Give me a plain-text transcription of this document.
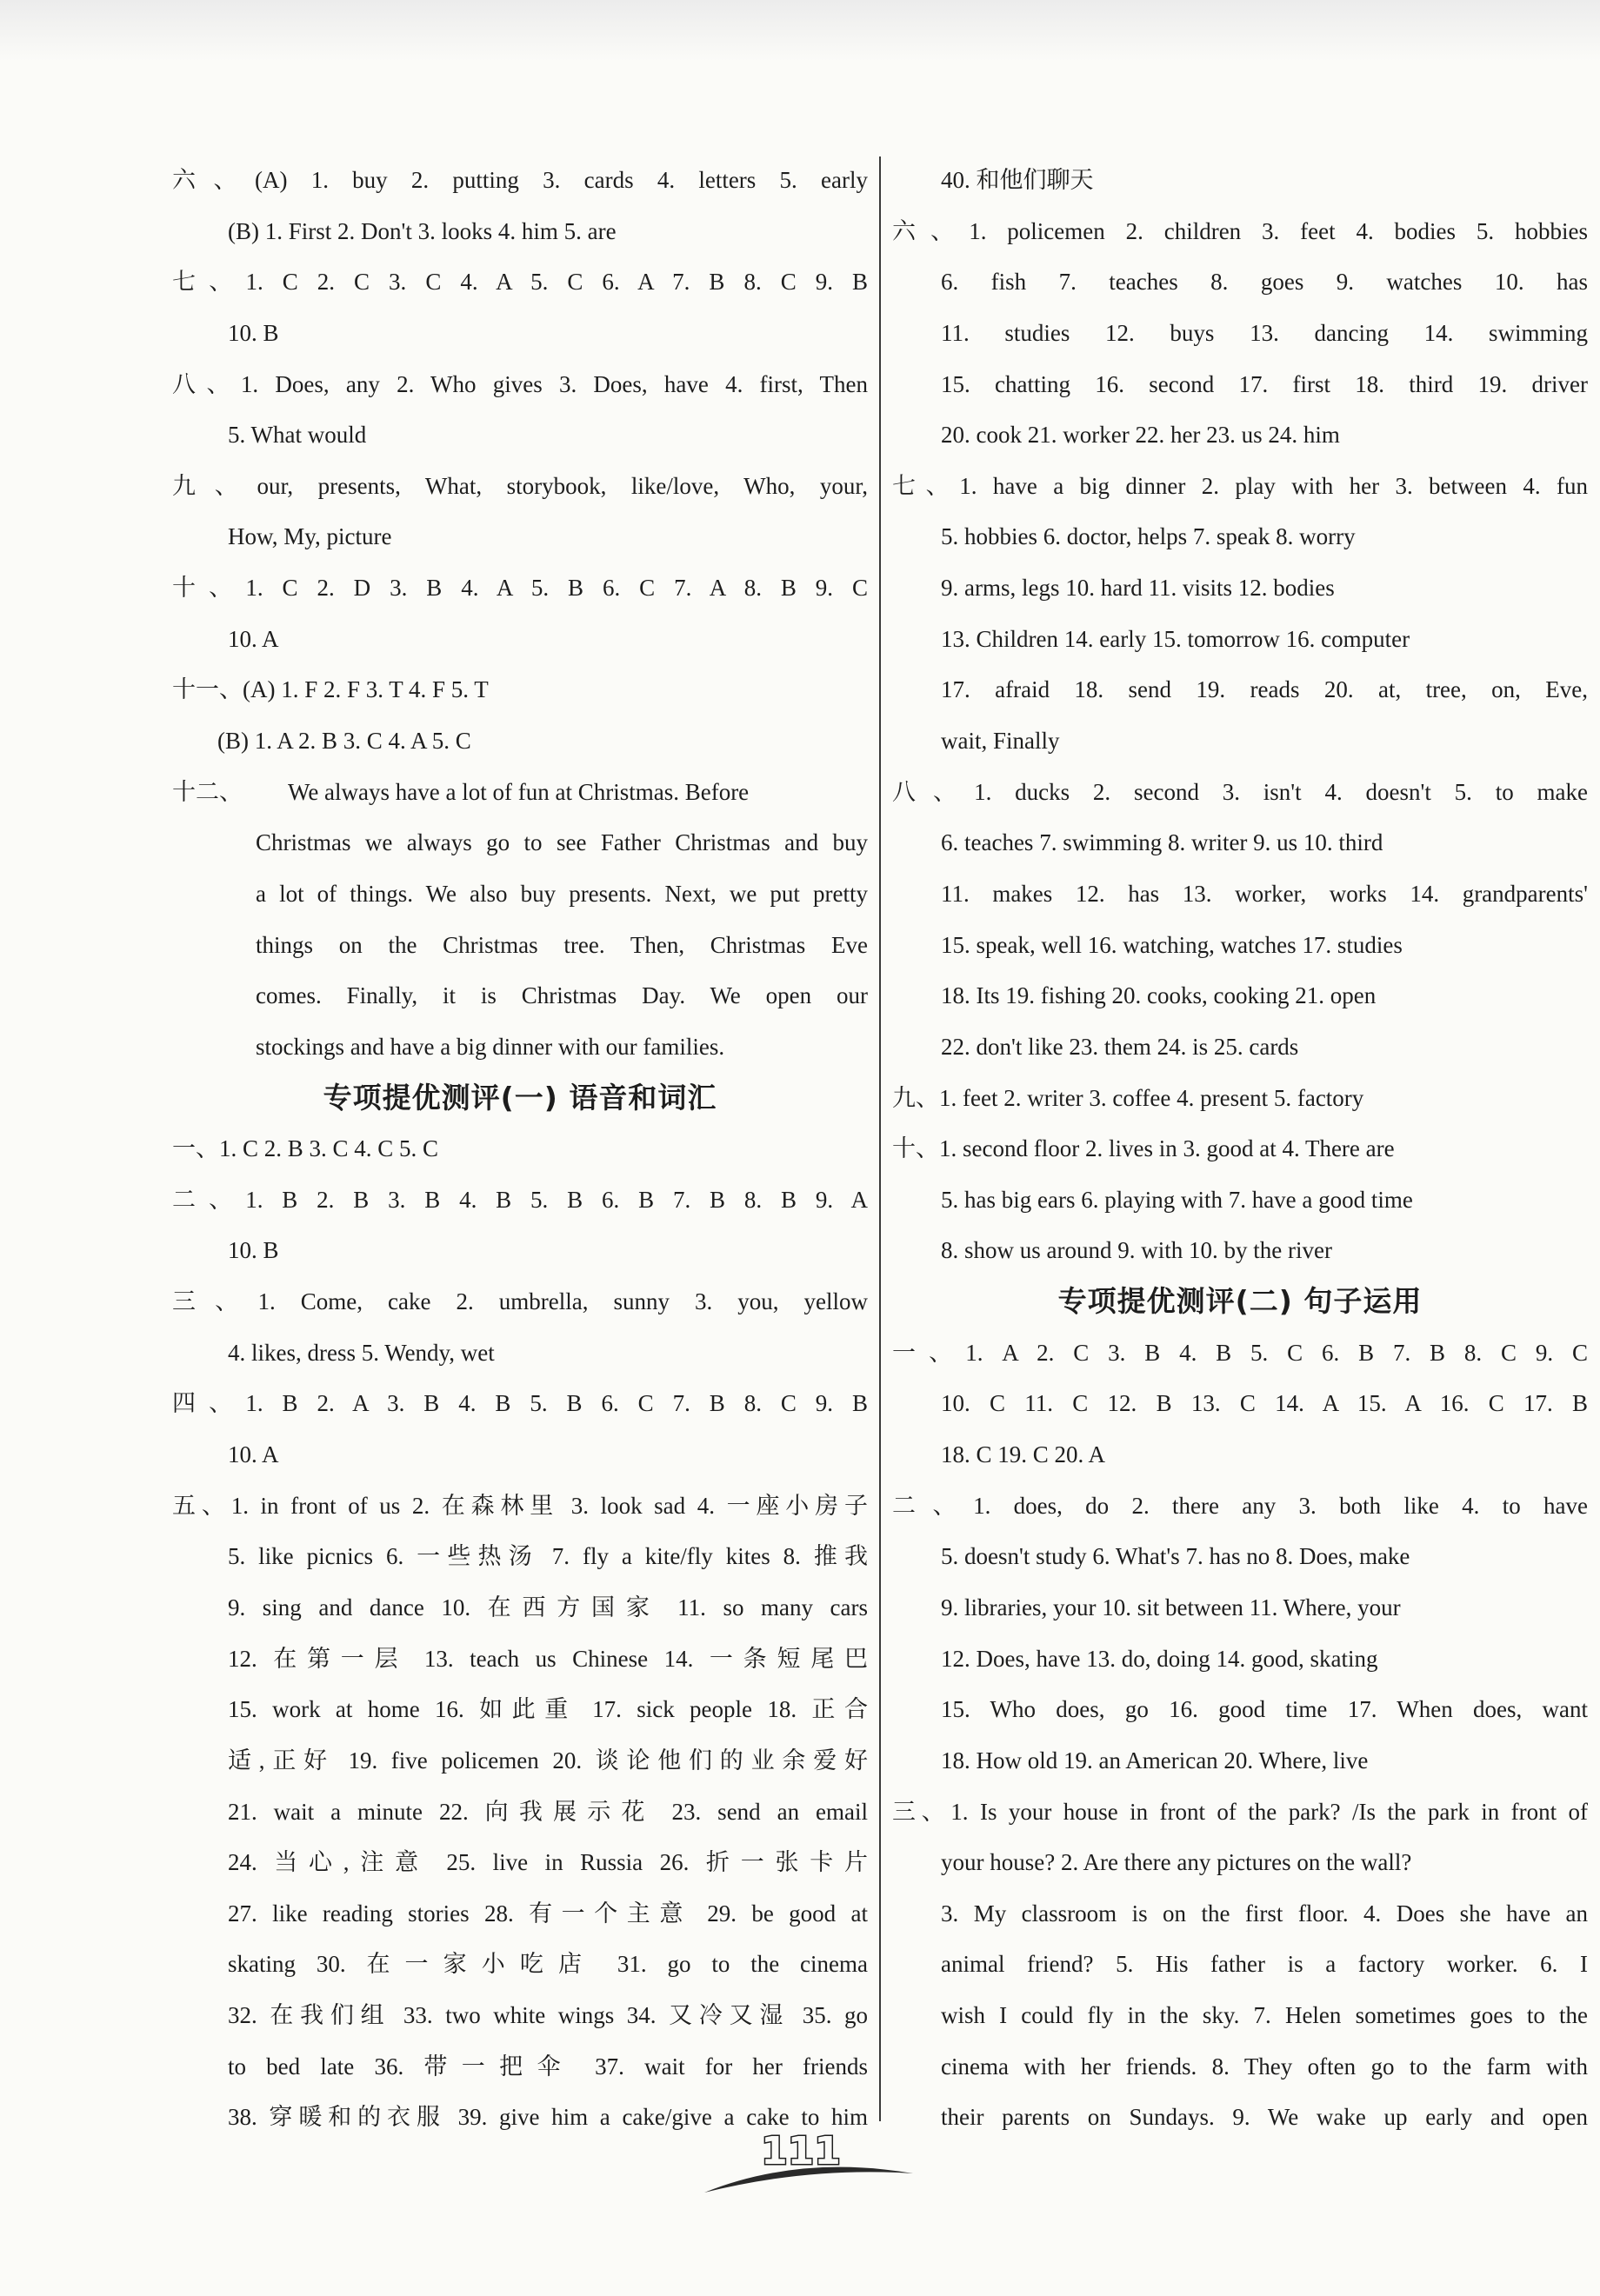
六、(A) 1. buy 2. putting 3. cards 4. letters 5. early
(B) 1. First 2. Don't 3. looks 4. him 5. are
七、1. C 2. C 3. C 4. A 5. C 6. A 7. B 8. C 9. B
10. B
八、1. Does, any 2. Who gives 3. Does, have 4. first, Then
5. What would
九、our, presents, What, storybook, like/love, Who, your,
How, My, picture
十、1. C 2. D 3. B 4. A 5. B 6. C 7. A 8. B 9. C
10. A
十一、(A) 1. F 2. F 3. T 4. F 5. T
(B) 1. A 2. B 3. C 4. A 5. C
十二、 We always have a lot of fun at Christmas. Before
Christmas we always go to see Father Christmas and buy
a lot of things. We also buy presents. Next, we put pretty
things on the Christmas tree. Then, Christmas Eve
comes. Finally, it is Christmas Day. We open our
stockings and have a big dinner with our families.
专项提优测评(一) 语音和词汇
一、1. C 2. B 3. C 4. C 5. C
二、1. B 2. B 3. B 4. B 5. B 6. B 7. B 8. B 9. A
10. B
三、1. Come, cake 2. umbrella, sunny 3. you, yellow
4. likes, dress 5. Wendy, wet
四、1. B 2. A 3. B 4. B 5. B 6. C 7. B 8. C 9. B
10. A
五、1. in front of us 2. 在森林里 3. look sad 4. 一座小房子
5. like picnics 6. 一些热汤 7. fly a kite/fly kites 8. 推我
9. sing and dance 10. 在西方国家 11. so many cars
12. 在第一层 13. teach us Chinese 14. 一条短尾巴
15. work at home 16. 如此重 17. sick people 18. 正合
适,正好 19. five policemen 20. 谈论他们的业余爱好
21. wait a minute 22. 向我展示花 23. send an email
24. 当心,注意 25. live in Russia 26. 折一张卡片
27. like reading stories 28. 有一个主意 29. be good at
skating 30. 在一家小吃店 31. go to the cinema
32. 在我们组 33. two white wings 34. 又冷又湿 35. go
to bed late 36. 带一把伞 37. wait for her friends
38. 穿暖和的衣服 39. give him a cake/give a cake to him
40. 和他们聊天
六、1. policemen 2. children 3. feet 4. bodies 5. hobbies
6. fish 7. teaches 8. goes 9. watches 10. has
11. studies 12. buys 13. dancing 14. swimming
15. chatting 16. second 17. first 18. third 19. driver
20. cook 21. worker 22. her 23. us 24. him
七、1. have a big dinner 2. play with her 3. between 4. fun
5. hobbies 6. doctor, helps 7. speak 8. worry
9. arms, legs 10. hard 11. visits 12. bodies
13. Children 14. early 15. tomorrow 16. computer
17. afraid 18. send 19. reads 20. at, tree, on, Eve,
wait, Finally
八、1. ducks 2. second 3. isn't 4. doesn't 5. to make
6. teaches 7. swimming 8. writer 9. us 10. third
11. makes 12. has 13. worker, works 14. grandparents'
15. speak, well 16. watching, watches 17. studies
18. Its 19. fishing 20. cooks, cooking 21. open
22. don't like 23. them 24. is 25. cards
九、1. feet 2. writer 3. coffee 4. present 5. factory
十、1. second floor 2. lives in 3. good at 4. There are
5. has big ears 6. playing with 7. have a good time
8. show us around 9. with 10. by the river
专项提优测评(二) 句子运用
一、1. A 2. C 3. B 4. B 5. C 6. B 7. B 8. C 9. C
10. C 11. C 12. B 13. C 14. A 15. A 16. C 17. B
18. C 19. C 20. A
二、1. does, do 2. there any 3. both like 4. to have
5. doesn't study 6. What's 7. has no 8. Does, make
9. libraries, your 10. sit between 11. Where, your
12. Does, have 13. do, doing 14. good, skating
15. Who does, go 16. good time 17. When does, want
18. How old 19. an American 20. Where, live
三、1. Is your house in front of the park? /Is the park in front of
your house? 2. Are there any pictures on the wall?
3. My classroom is on the first floor. 4. Does she have an
animal friend? 5. His father is a factory worker. 6. I
wish I could fly in the sky. 7. Helen sometimes goes to the
cinema with her friends. 8. They often go to the farm with
their parents on Sundays. 9. We wake up early and open
111
